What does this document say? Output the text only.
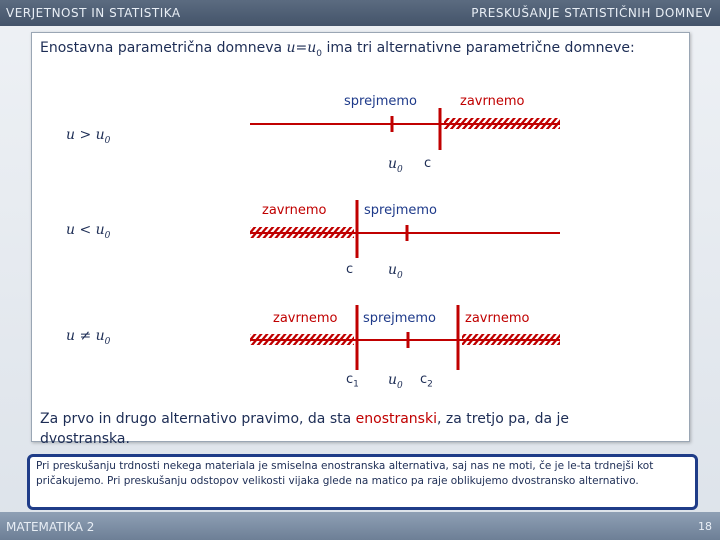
VERJETNOST IN STATISTIKA	PRESKUŠANJE STATISTIČNIH DOMNEV
Enostavna parametrična domneva $u=u_0$ ima tri alternativne parametrične domneve:
$u > u_0$
sprejmemo	zavrnemo
$u_0$ c
$u < u_0$
zavrnemo	sprejmemo
c $u_0$
$u \ne u_0$
zavrnemo sprejmemo zavrnemo
$c_1$ $u_0$ $c_2$
Za prvo in drugo alternativo pravimo, da sta enostranski, za tretjo pa, da je dvostranska.

Pri preskušanju trdnosti nekega materiala je smiselna enostranska alternativa, saj nas ne moti, če je le-ta trdnejši kot pričakujemo. Pri preskušanju odstopov velikosti vijaka glede na matico pa raje oblikujemo dvostransko alternativo.

MATEMATIKA 2	18
